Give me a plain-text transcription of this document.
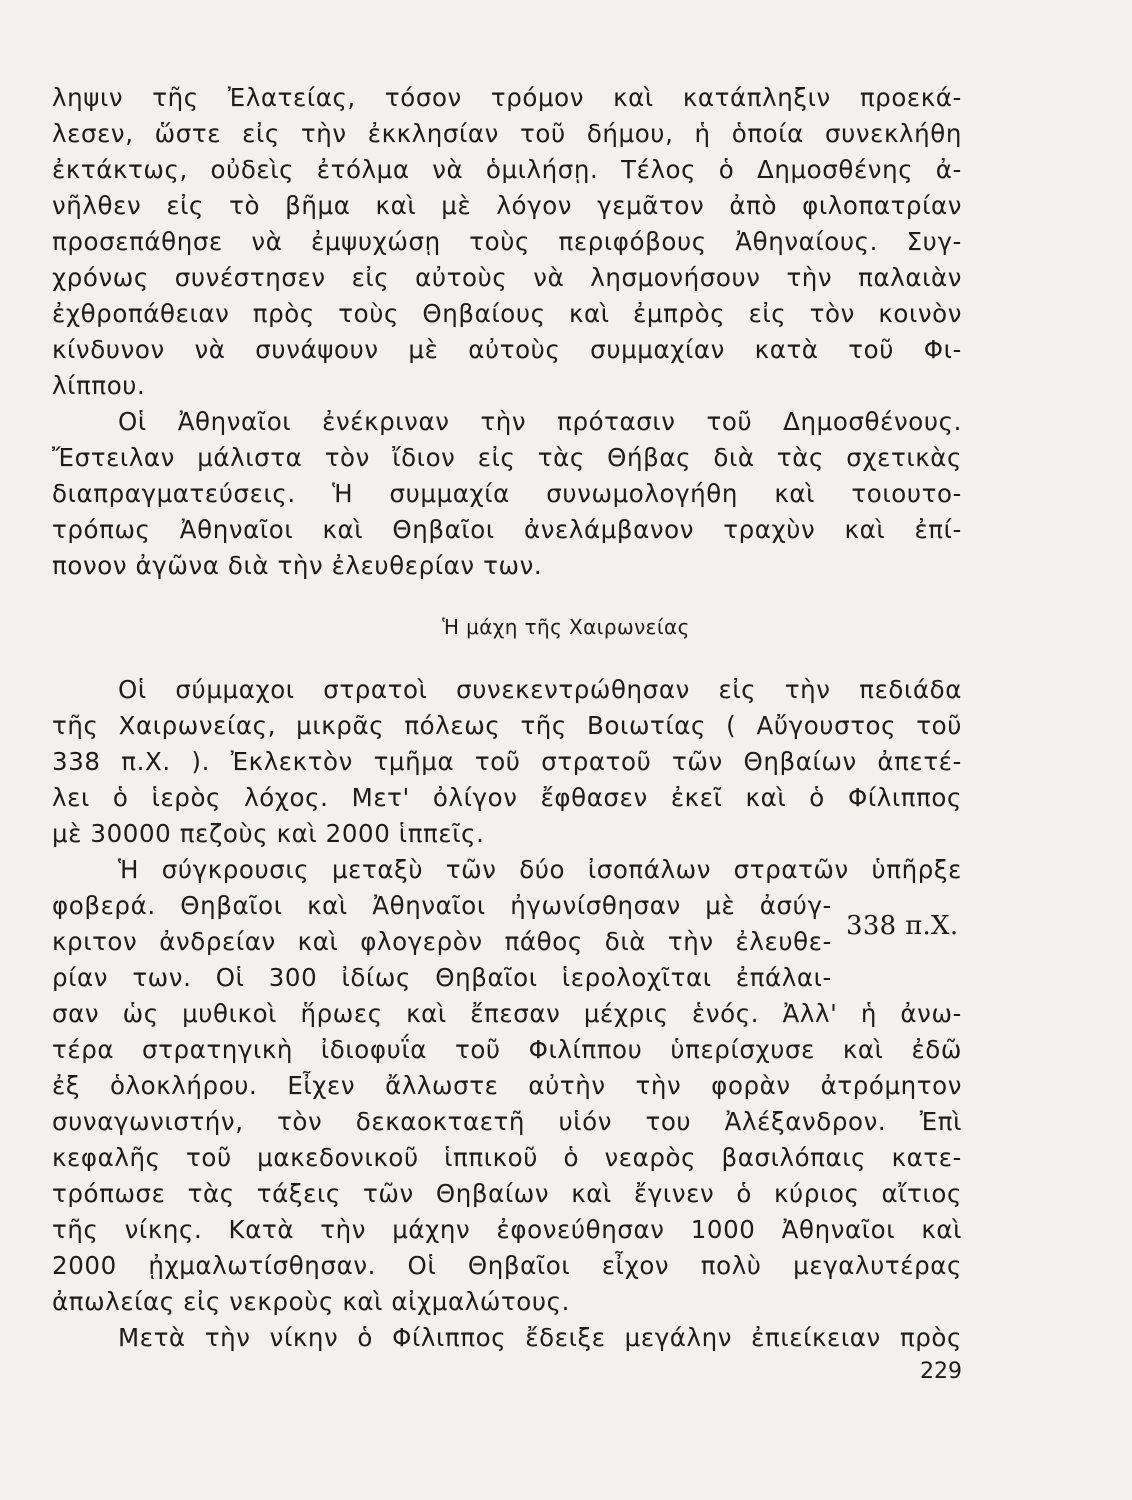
ληψιν τῆς Ἐλατείας, τόσον τρόμον καὶ κατάπληξιν προεκά-
λεσεν, ὥστε εἰς τὴν ἐκκλησίαν τοῦ δήμου, ἡ ὁποία συνεκλήθη
ἐκτάκτως, οὐδεὶς ἐτόλμα νὰ ὁμιλήσῃ. Τέλος ὁ Δημοσθένης ἀ-
νῆλθεν εἰς τὸ βῆμα καὶ μὲ λόγον γεμᾶτον ἀπὸ φιλοπατρίαν
προσεπάθησε νὰ ἐμψυχώσῃ τοὺς περιφόβους Ἀθηναίους. Συγ-
χρόνως συνέστησεν εἰς αὐτοὺς νὰ λησμονήσουν τὴν παλαιὰν
ἐχθροπάθειαν πρὸς τοὺς Θηβαίους καὶ ἐμπρὸς εἰς τὸν κοινὸν
κίνδυνον νὰ συνάψουν μὲ αὐτοὺς συμμαχίαν κατὰ τοῦ Φι-
λίππου.
Οἱ Ἀθηναῖοι ἐνέκριναν τὴν πρότασιν τοῦ Δημοσθένους.
Ἔστειλαν μάλιστα τὸν ἴδιον εἰς τὰς Θήβας διὰ τὰς σχετικὰς
διαπραγματεύσεις. Ἡ συμμαχία συνωμολογήθη καὶ τοιουτο-
τρόπως Ἀθηναῖοι καὶ Θηβαῖοι ἀνελάμβανον τραχὺν καὶ ἐπί-
πονον ἀγῶνα διὰ τὴν ἐλευθερίαν των.
Ἡ μάχη τῆς Χαιρωνείας
Οἱ σύμμαχοι στρατοὶ συνεκεντρώθησαν εἰς τὴν πεδιάδα
τῆς Χαιρωνείας, μικρᾶς πόλεως τῆς Βοιωτίας ( Αὔγουστος τοῦ
338 π.Χ. ). Ἐκλεκτὸν τμῆμα τοῦ στρατοῦ τῶν Θηβαίων ἀπετέ-
λει ὁ ἱερὸς λόχος. Μετ' ὀλίγον ἔφθασεν ἐκεῖ καὶ ὁ Φίλιππος
μὲ 30000 πεζοὺς καὶ 2000 ἱππεῖς.
Ἡ σύγκρουσις μεταξὺ τῶν δύο ἰσοπάλων στρατῶν ὑπῆρξε
φοβερά. Θηβαῖοι καὶ Ἀθηναῖοι ἠγωνίσθησαν μὲ ἀσύγ-
κριτον ἀνδρείαν καὶ φλογερὸν πάθος διὰ τὴν ἐλευθε-
ρίαν των. Οἱ 300 ἰδίως Θηβαῖοι ἱερολοχῖται ἐπάλαι-
σαν ὡς μυθικοὶ ἥρωες καὶ ἔπεσαν μέχρις ἑνός. Ἀλλ' ἡ ἀνω-
τέρα στρατηγικὴ ἰδιοφυΐα τοῦ Φιλίππου ὑπερίσχυσε καὶ ἐδῶ
ἐξ ὁλοκλήρου. Εἶχεν ἄλλωστε αὐτὴν τὴν φορὰν ἀτρόμητον
συναγωνιστήν, τὸν δεκαοκταετῆ υἱόν του Ἀλέξανδρον. Ἐπὶ
κεφαλῆς τοῦ μακεδονικοῦ ἱππικοῦ ὁ νεαρὸς βασιλόπαις κατε-
τρόπωσε τὰς τάξεις τῶν Θηβαίων καὶ ἔγινεν ὁ κύριος αἴτιος
τῆς νίκης. Κατὰ τὴν μάχην ἐφονεύθησαν 1000 Ἀθηναῖοι καὶ
2000 ᾐχμαλωτίσθησαν. Οἱ Θηβαῖοι εἶχον πολὺ μεγαλυτέρας
ἀπωλείας εἰς νεκροὺς καὶ αἰχμαλώτους.
338 π.Χ.
Μετὰ τὴν νίκην ὁ Φίλιππος ἔδειξε μεγάλην ἐπιείκειαν πρὸς
229
